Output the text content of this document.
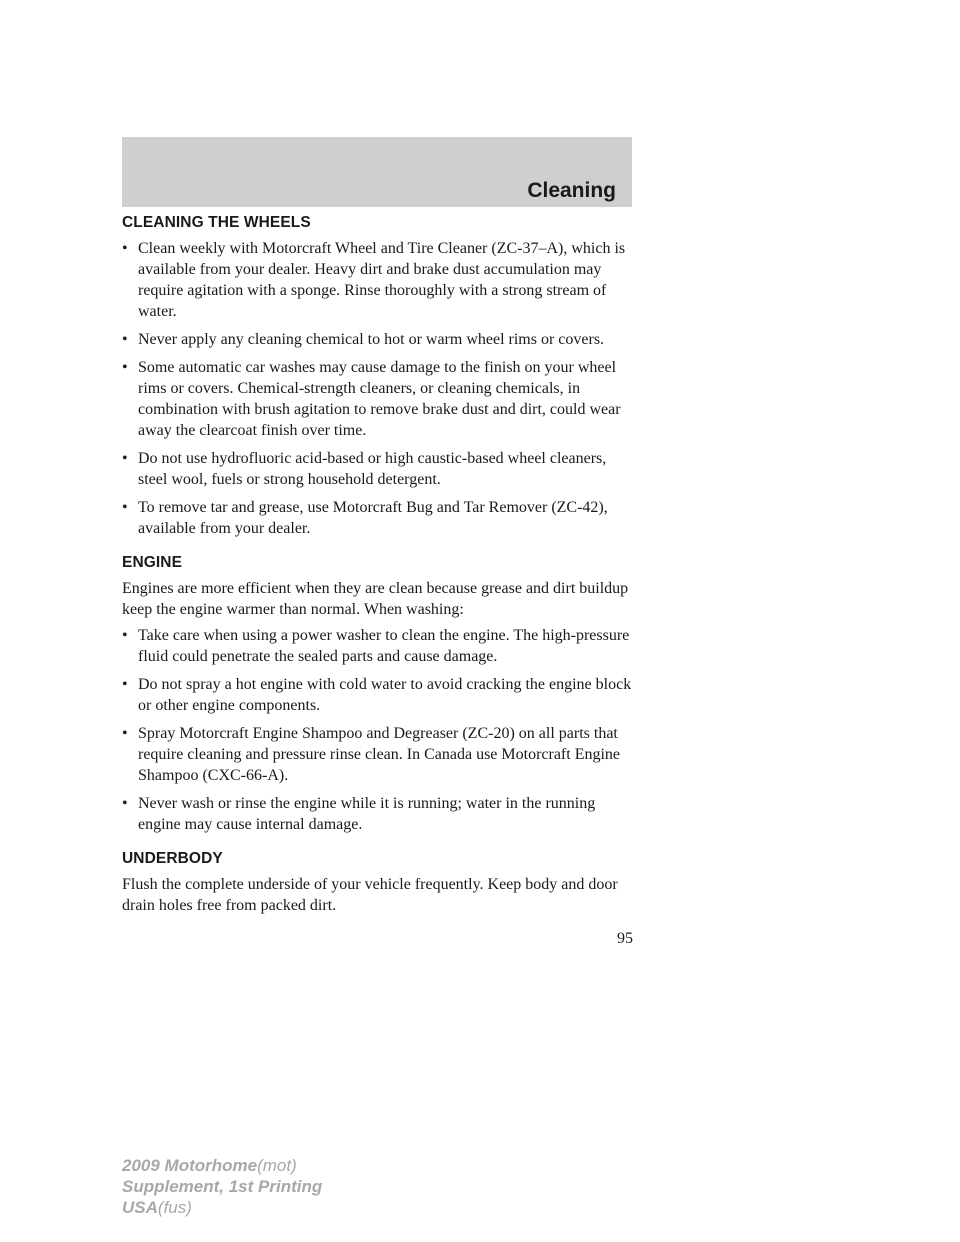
Cleaning
CLEANING THE WHEELS
• Clean weekly with Motorcraft Wheel and Tire Cleaner (ZC-37–A), which is available from your dealer. Heavy dirt and brake dust accumulation may require agitation with a sponge. Rinse thoroughly with a strong stream of water.
• Never apply any cleaning chemical to hot or warm wheel rims or covers.
• Some automatic car washes may cause damage to the finish on your wheel rims or covers. Chemical-strength cleaners, or cleaning chemicals, in combination with brush agitation to remove brake dust and dirt, could wear away the clearcoat finish over time.
• Do not use hydrofluoric acid-based or high caustic-based wheel cleaners, steel wool, fuels or strong household detergent.
• To remove tar and grease, use Motorcraft Bug and Tar Remover (ZC-42), available from your dealer.
ENGINE

Engines are more efficient when they are clean because grease and dirt buildup keep the engine warmer than normal. When washing:

• Take care when using a power washer to clean the engine. The high-pressure fluid could penetrate the sealed parts and cause damage.
• Do not spray a hot engine with cold water to avoid cracking the engine block or other engine components.
• Spray Motorcraft Engine Shampoo and Degreaser (ZC-20) on all parts that require cleaning and pressure rinse clean. In Canada use Motorcraft Engine Shampoo (CXC-66-A).
• Never wash or rinse the engine while it is running; water in the running engine may cause internal damage.
UNDERBODY

Flush the complete underside of your vehicle frequently. Keep body and door drain holes free from packed dirt.

95
2009 Motorhome(mot)
Supplement, 1st Printing
USA(fus)
